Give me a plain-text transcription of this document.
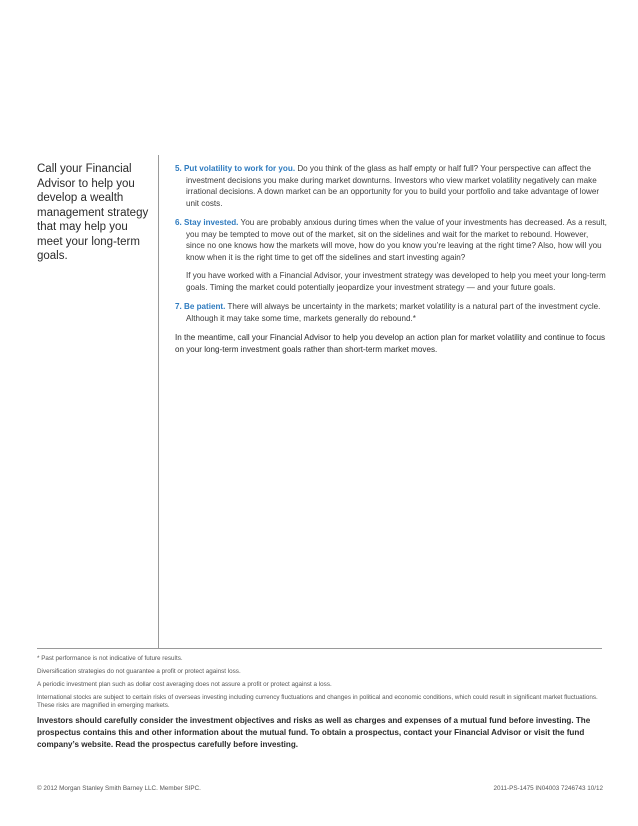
Call your Financial Advisor to help you develop a wealth management strategy that may help you meet your long-term goals.

5. Put volatility to work for you. Do you think of the glass as half empty or half full? Your perspective can affect the investment decisions you make during market downturns. Investors who view market volatility negatively can make irrational decisions. A down market can be an opportunity for you to build your portfolio and take advantage of lower unit costs.

6. Stay invested. You are probably anxious during times when the value of your investments has decreased. As a result, you may be tempted to move out of the market, sit on the sidelines and wait for the market to rebound. However, since no one knows how the markets will move, how do you know you’re leaving at the right time? Also, how will you know when it is the right time to get off the sidelines and start investing again?

If you have worked with a Financial Advisor, your investment strategy was developed to help you meet your long-term goals. Timing the market could potentially jeopardize your investment strategy — and your future goals.

7. Be patient. There will always be uncertainty in the markets; market volatility is a natural part of the investment cycle. Although it may take some time, markets generally do rebound.*

In the meantime, call your Financial Advisor to help you develop an action plan for market volatility and continue to focus on your long-term investment goals rather than short-term market moves.

* Past performance is not indicative of future results.

Diversification strategies do not guarantee a profit or protect against loss.

A periodic investment plan such as dollar cost averaging does not assure a profit or protect against a loss.

International stocks are subject to certain risks of overseas investing including currency fluctuations and changes in political and economic conditions, which could result in significant market fluctuations. These risks are magnified in emerging markets.

Investors should carefully consider the investment objectives and risks as well as charges and expenses of a mutual fund before investing. The prospectus contains this and other information about the mutual fund. To obtain a prospectus, contact your Financial Advisor or visit the fund company’s website. Read the prospectus carefully before investing.
© 2012 Morgan Stanley Smith Barney LLC. Member SIPC.	2011-PS-1475 IN04003 7246743 10/12
